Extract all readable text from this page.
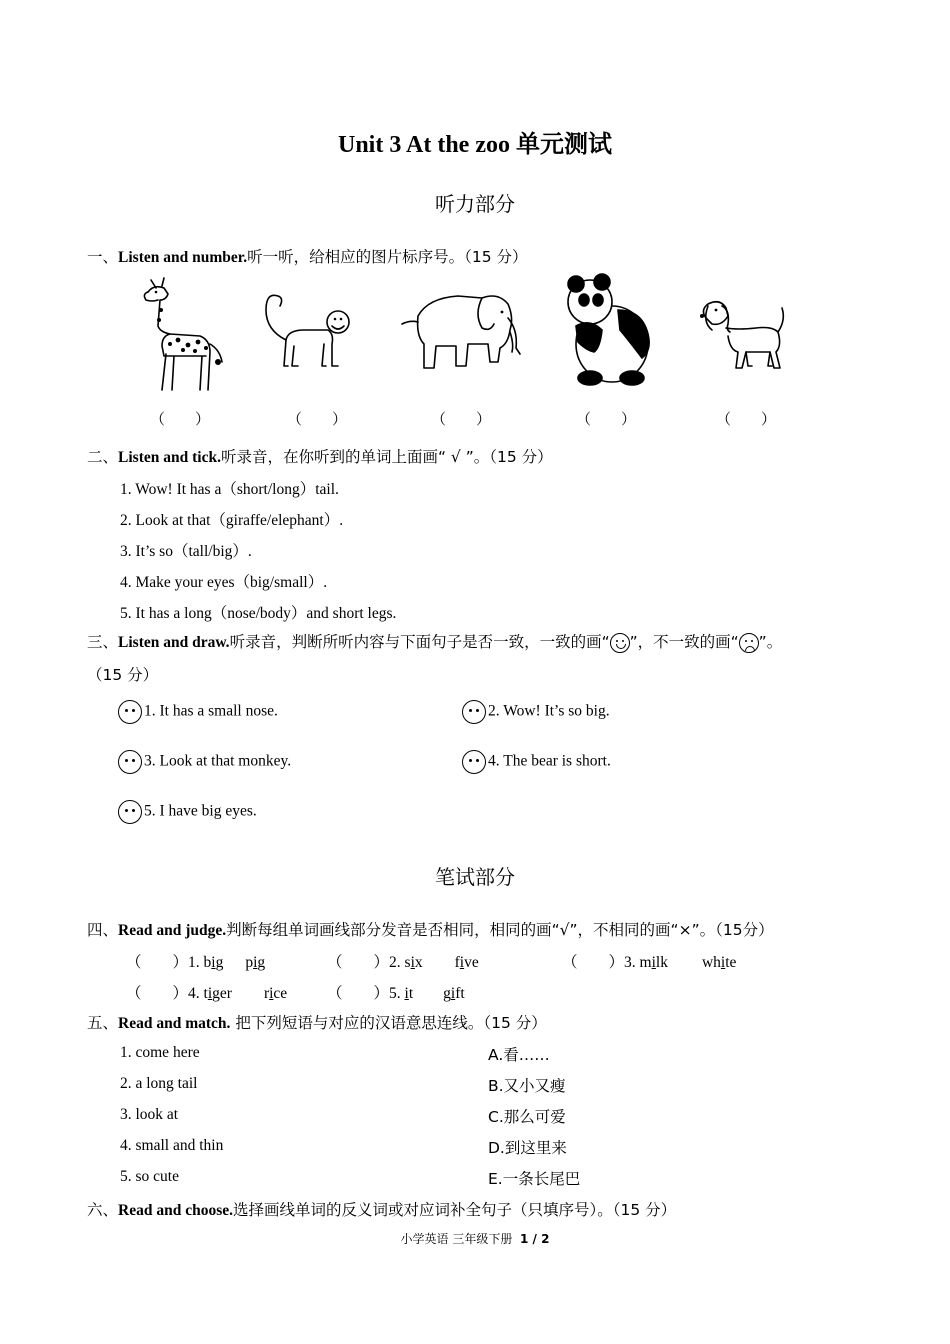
Unit 3 At the zoo 单元测试
听力部分
一、Listen and number.听一听，给相应的图片标序号。（15 分）
（　　）	（　　）	（　　）	（　　）	（　　）
二、Listen and tick.听录音，在你听到的单词上面画“ √ ”。（15 分）
1. Wow! It has a（short/long）tail.
2. Look at that（giraffe/elephant）.
3. It’s so（tall/big）.
4. Make your eyes（big/small）.
5. It has a long（nose/body）and short legs.
三、Listen and draw.听录音，判断所听内容与下面句子是否一致，一致的画“ ”，不一致的画“ ”。
（15 分）
1. It has a small nose.	2. Wow! It’s so big.
3. Look at that monkey.	4. The bear is short.
5. I have big eyes.
笔试部分
四、Read and judge.判断每组单词画线部分发音是否相同，相同的画“√”，不相同的画“×”。（15分）
（　　）1. big pig	（　　）2. six five	（　　）3. milk white
（　　）4. tiger rice	（　　）5. it gift
五、Read and match. 把下列短语与对应的汉语意思连线。（15 分）
1. come here
2. a long tail
3. look at
4. small and thin
5. so cute
A.看……
B.又小又瘦
C.那么可爱
D.到这里来
E.一条长尾巴
六、Read and choose.选择画线单词的反义词或对应词补全句子（只填序号）。（15 分）
小学英语 三年级下册 1 / 2
